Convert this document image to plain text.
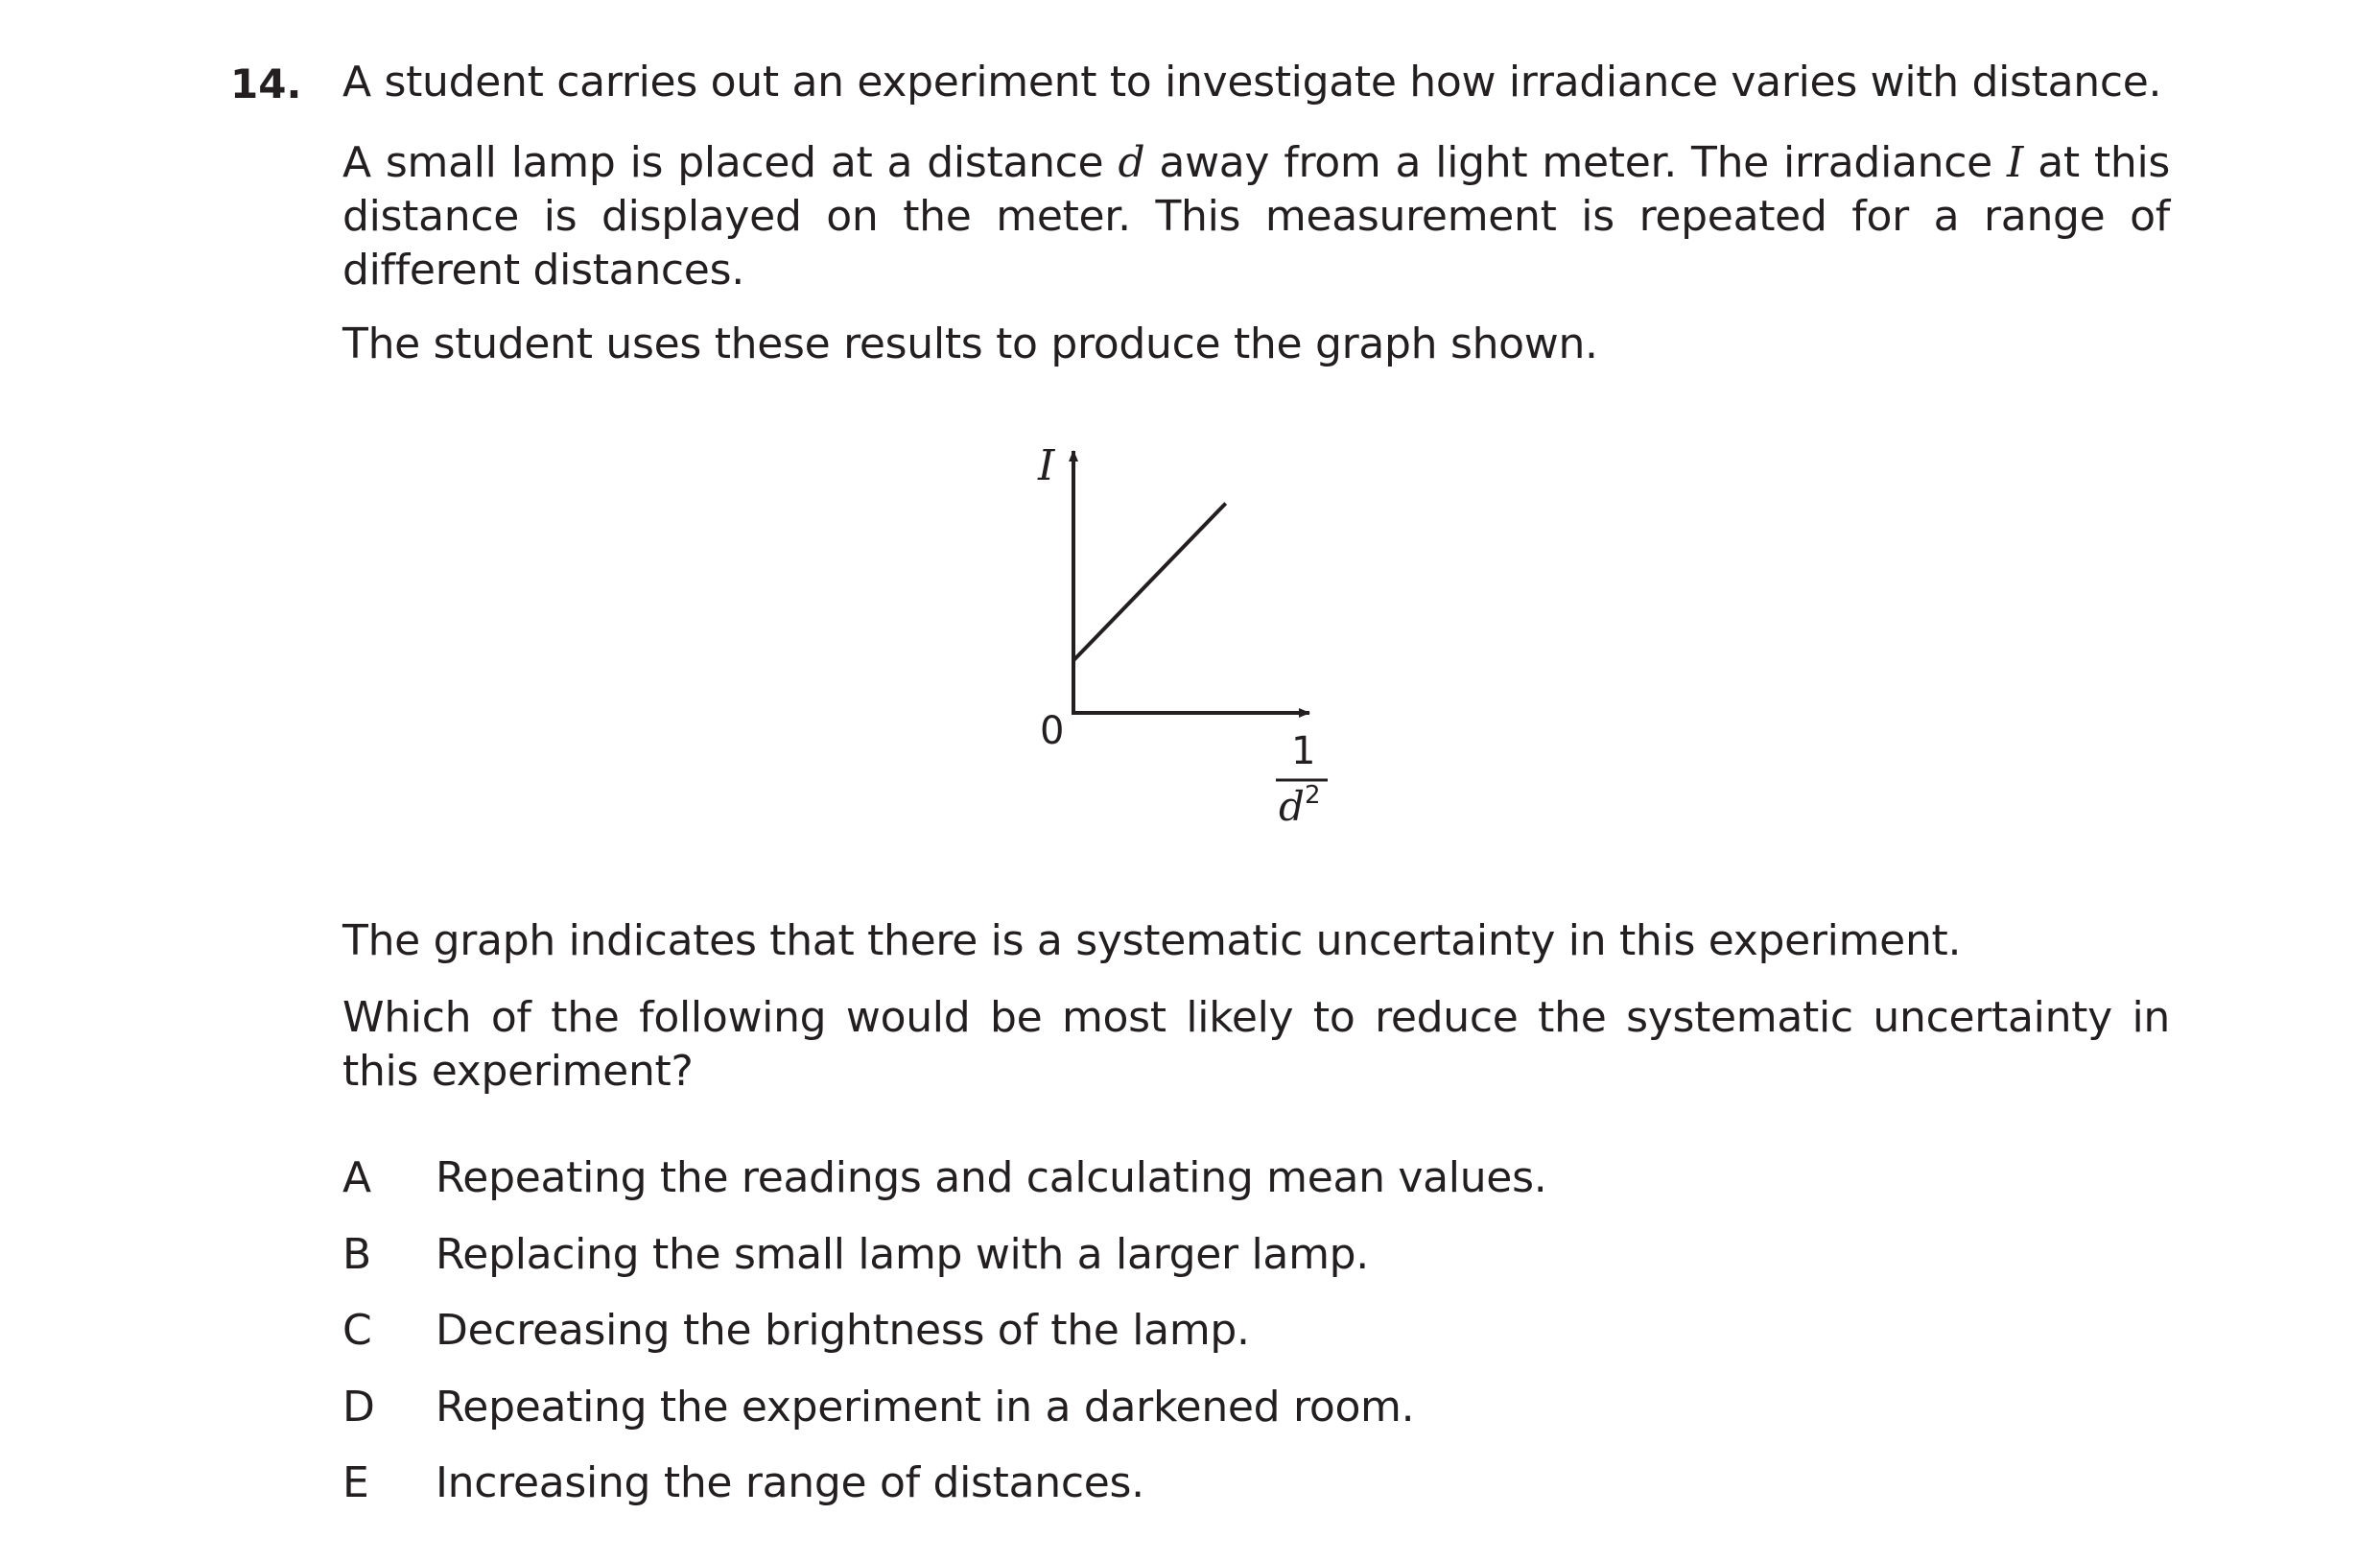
14. A student carries out an experiment to investigate how irradiance varies with distance.
A small lamp is placed at a distance d away from a light meter. The irradiance I at this distance is displayed on the meter. This measurement is repeated for a range of different distances.
The student uses these results to produce the graph shown.
I
0	1
d 2
The graph indicates that there is a systematic uncertainty in this experiment.
Which of the following would be most likely to reduce the systematic uncertainty in this experiment?
A	Repeating the readings and calculating mean values.
B	Replacing the small lamp with a larger lamp.
C	Decreasing the brightness of the lamp.
D	Repeating the experiment in a darkened room.
E	Increasing the range of distances.
